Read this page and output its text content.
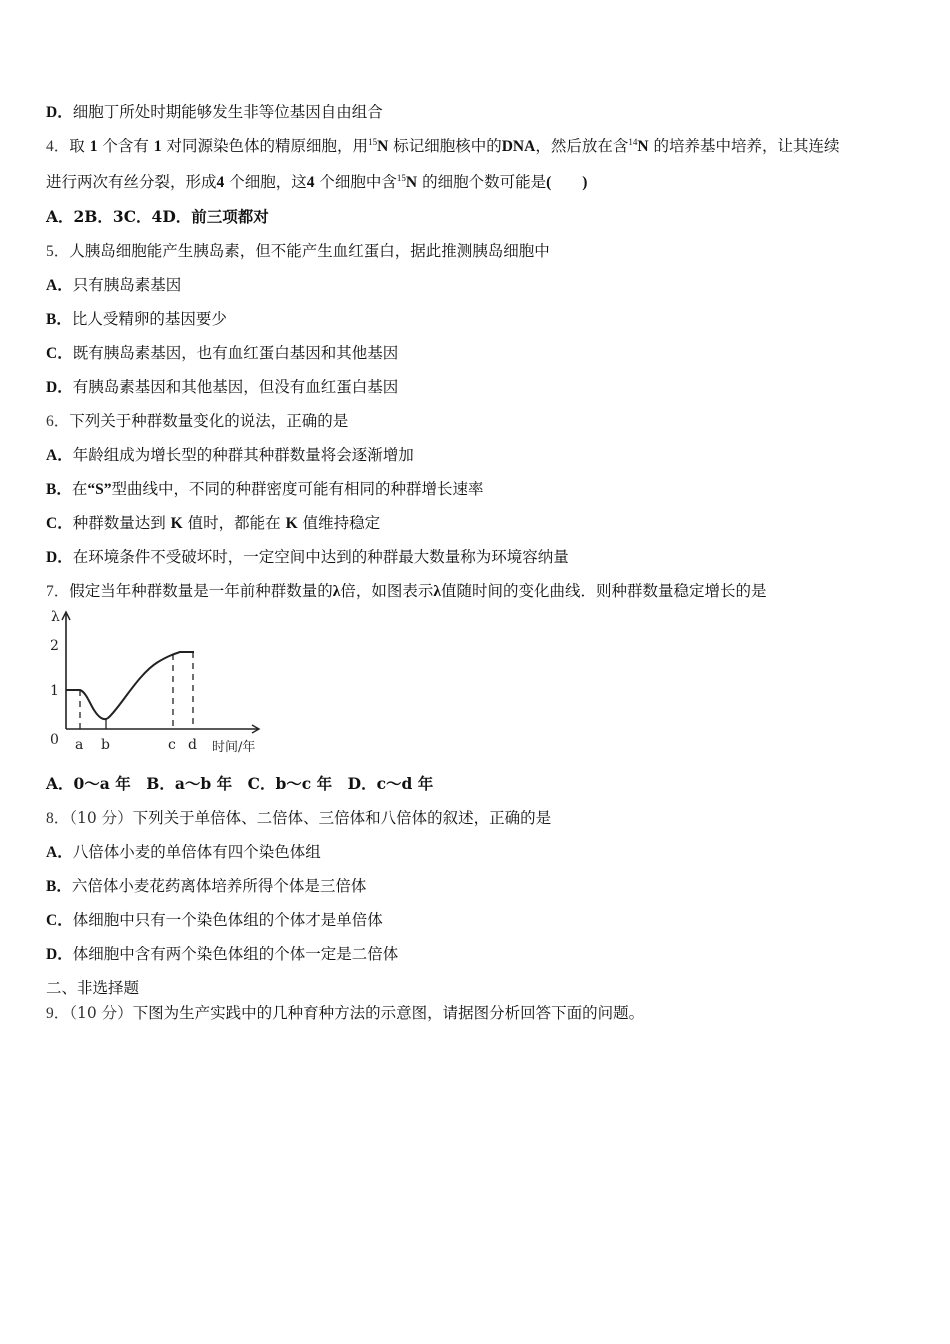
D．细胞丁所处时期能够发生非等位基因自由组合

4．取 1 个含有 1 对同源染色体的精原细胞，用$^{15}$N 标记细胞核中的DNA，然后放在含$^{14}$N 的培养基中培养，让其连续

进行两次有丝分裂，形成4 个细胞，这4 个细胞中含$^{15}$N 的细胞个数可能是(        )

A．2B．3C．4D．前三项都对

5．人胰岛细胞能产生胰岛素，但不能产生血红蛋白，据此推测胰岛细胞中

A．只有胰岛素基因

B．比人受精卵的基因要少

C．既有胰岛素基因，也有血红蛋白基因和其他基因

D．有胰岛素基因和其他基因，但没有血红蛋白基因

6．下列关于种群数量变化的说法，正确的是

A．年龄组成为增长型的种群其种群数量将会逐渐增加

B．在“S”型曲线中，不同的种群密度可能有相同的种群增长速率

C．种群数量达到 K 值时，都能在 K 值维持稳定

D．在环境条件不受破坏时，一定空间中达到的种群最大数量称为环境容纳量

7．假定当年种群数量是一年前种群数量的λ倍，如图表示λ值随时间的变化曲线．则种群数量稳定增长的是

λ
2
1
0 a b	c d 时间/年

A．0～a 年　B．a～b 年　C．b～c 年　D．c～d 年

8．（10 分）下列关于单倍体、二倍体、三倍体和八倍体的叙述，正确的是

A．八倍体小麦的单倍体有四个染色体组

B．六倍体小麦花药离体培养所得个体是三倍体

C．体细胞中只有一个染色体组的个体才是单倍体

D．体细胞中含有两个染色体组的个体一定是二倍体

二、非选择题

9．（10 分）下图为生产实践中的几种育种方法的示意图，请据图分析回答下面的问题。
